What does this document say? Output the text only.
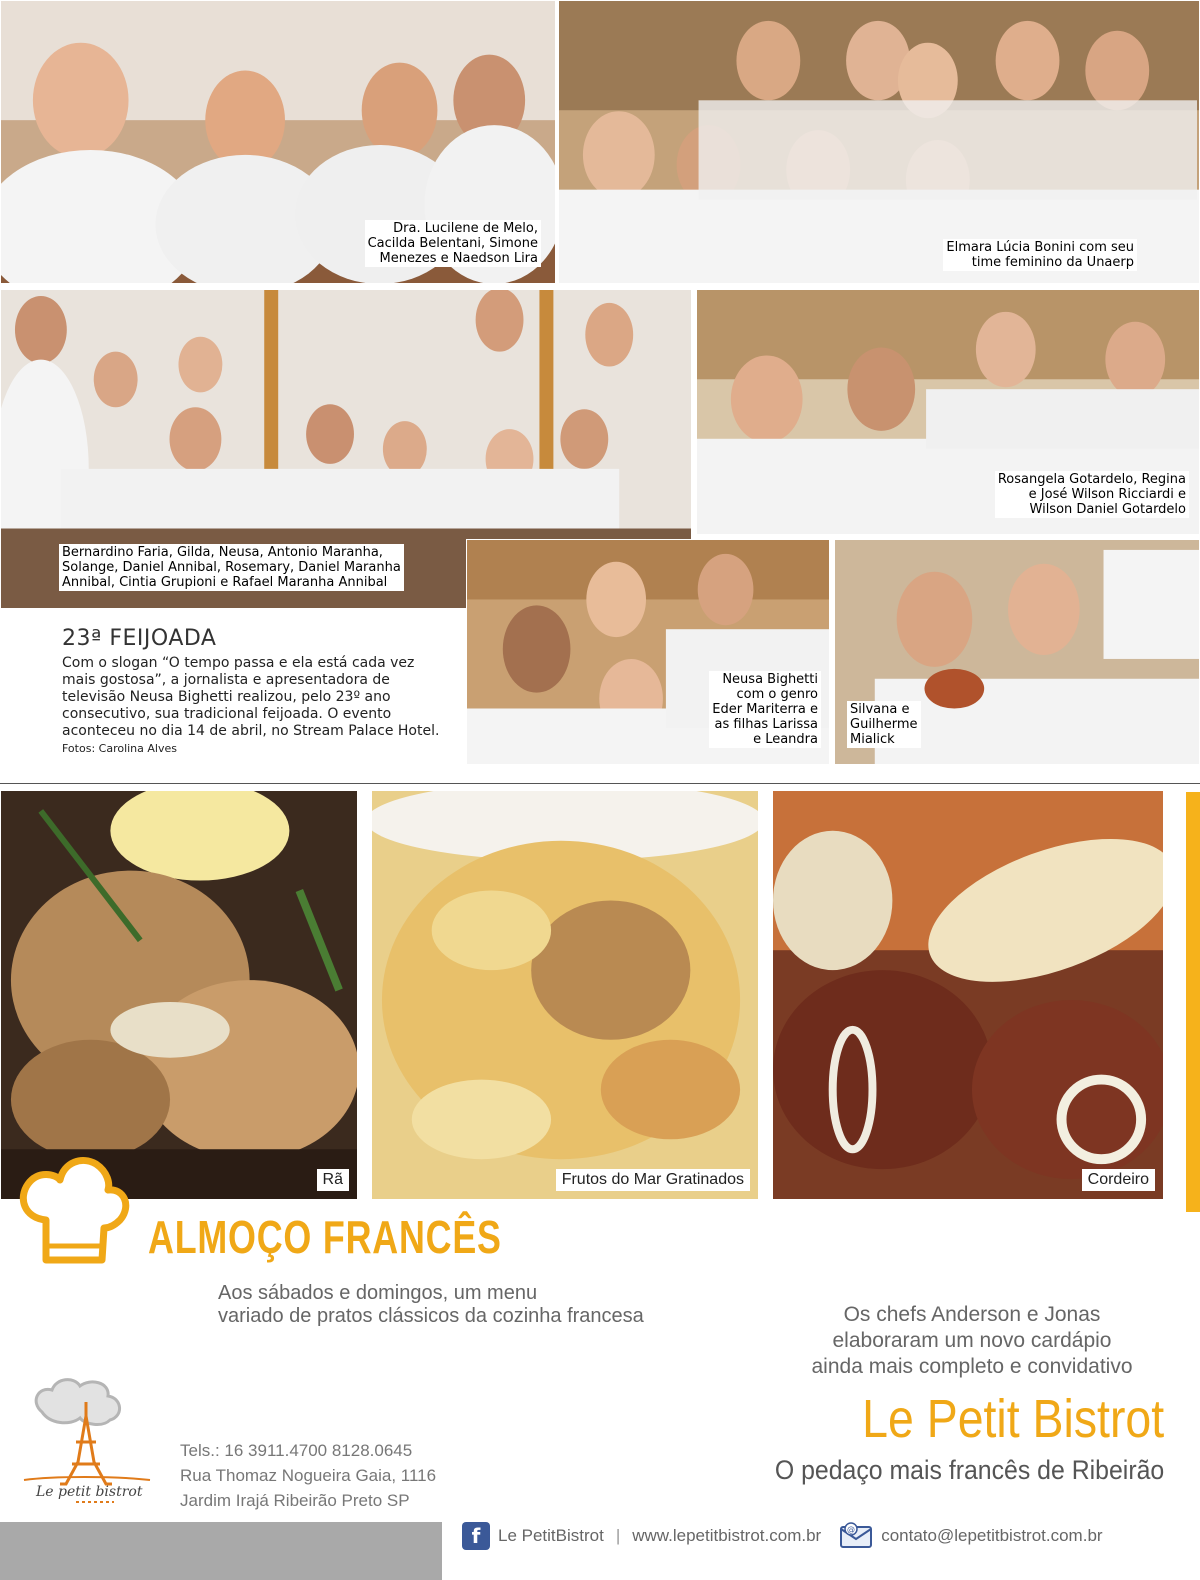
Dra. Lucilene de Melo,
Cacilda Belentani, Simone
Menezes e Naedson Lira
Elmara Lúcia Bonini com seu
time feminino da Unaerp
Bernardino Faria, Gilda, Neusa, Antonio Maranha,
Solange, Daniel Annibal, Rosemary, Daniel Maranha
Annibal, Cintia Grupioni e Rafael Maranha Annibal
Rosangela Gotardelo, Regina
e José Wilson Ricciardi e
Wilson Daniel Gotardelo
Neusa Bighetti
com o genro
Eder Mariterra e
as filhas Larissa
e Leandra
Silvana e
Guilherme
Mialick
23ª FEIJOADA
Com o slogan “O tempo passa e ela está cada vez mais gostosa”, a jornalista e apresentadora de televisão Neusa Bighetti realizou, pelo 23º ano consecutivo, sua tradicional feijoada. O evento aconteceu no dia 14 de abril, no Stream Palace Hotel. Fotos: Carolina Alves
Rã	Frutos do Mar Gratinados	Cordeiro
ALMOÇO FRANCÊS
Aos sábados e domingos, um menu
variado de pratos clássicos da cozinha francesa	Os chefs Anderson e Jonas
elaboraram um novo cardápio
ainda mais completo e convidativo
Le Petit Bistrot
O pedaço mais francês de Ribeirão
Le petit bistrot
Tels.: 16 3911.4700 8128.0645
Rua Thomaz Nogueira Gaia, 1116
Jardim Irajá Ribeirão Preto SP
f	Le PetitBistrot | www.lepetitbistrot.com.br	@ contato@lepetitbistrot.com.br
